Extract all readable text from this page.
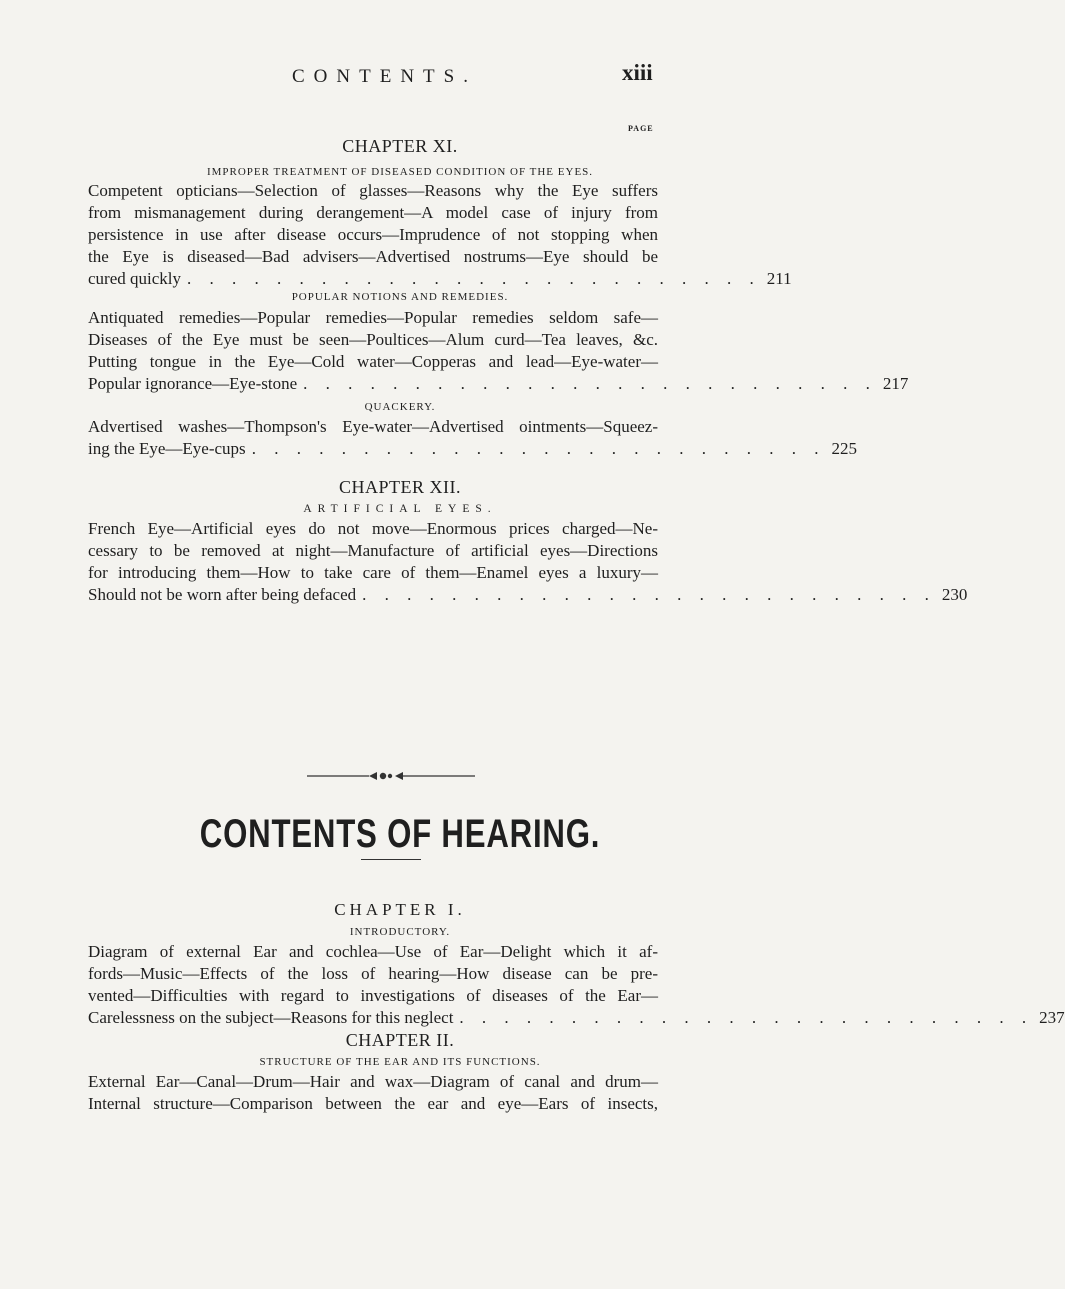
CONTENTS.	xiii
PAGE
CHAPTER XI.
IMPROPER TREATMENT OF DISEASED CONDITION OF THE EYES.
Competent opticians—Selection of glasses—Reasons why the Eye suffers
from mismanagement during derangement—A model case of injury from
persistence in use after disease occurs—Imprudence of not stopping when
the Eye is diseased—Bad advisers—Advertised nostrums—Eye should be
cured quickly . . . . . . . . . . . . . . . . . . . . . . . . . . 211
POPULAR NOTIONS AND REMEDIES.
Antiquated remedies—Popular remedies—Popular remedies seldom safe—
Diseases of the Eye must be seen—Poultices—Alum curd—Tea leaves, &c.
Putting tongue in the Eye—Cold water—Copperas and lead—Eye-water—
Popular ignorance—Eye-stone . . . . . . . . . . . . . . . . . . . . . . . . . . 217
QUACKERY.
Advertised washes—Thompson's Eye-water—Advertised ointments—Squeez-
ing the Eye—Eye-cups . . . . . . . . . . . . . . . . . . . . . . . . . . 225
CHAPTER XII.
ARTIFICIAL EYES.
French Eye—Artificial eyes do not move—Enormous prices charged—Ne-
cessary to be removed at night—Manufacture of artificial eyes—Directions
for introducing them—How to take care of them—Enamel eyes a luxury—
Should not be worn after being defaced . . . . . . . . . . . . . . . . . . . . . . . . . . 230
CONTENTS OF HEARING.
CHAPTER I.
INTRODUCTORY.
Diagram of external Ear and cochlea—Use of Ear—Delight which it af-
fords—Music—Effects of the loss of hearing—How disease can be pre-
vented—Difficulties with regard to investigations of diseases of the Ear—
Carelessness on the subject—Reasons for this neglect . . . . . . . . . . . . . . . . . . . . . . . . . . 237
CHAPTER II.
STRUCTURE OF THE EAR AND ITS FUNCTIONS.
External Ear—Canal—Drum—Hair and wax—Diagram of canal and drum—
Internal structure—Comparison between the ear and eye—Ears of insects,
